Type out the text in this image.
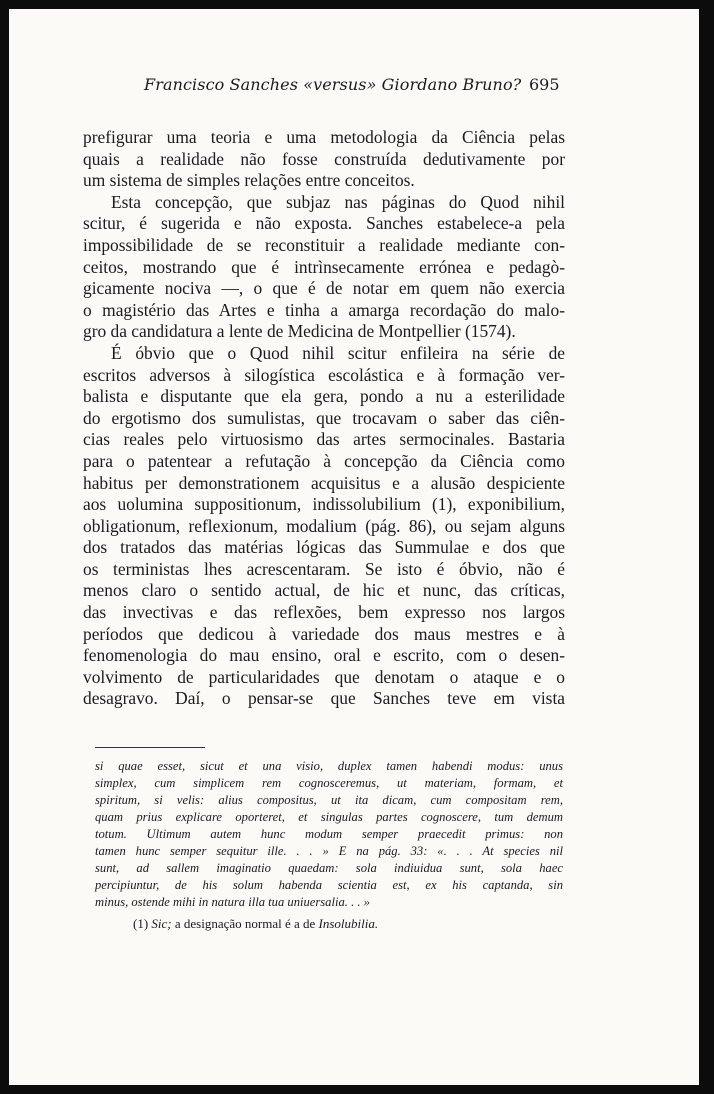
Francisco Sanches «versus» Giordano Bruno? 695
prefigurar uma teoria e uma metodologia da Ciência pelas
quais a realidade não fosse construída dedutivamente por
um sistema de simples relações entre conceitos.
Esta concepção, que subjaz nas páginas do Quod nihil
scitur, é sugerida e não exposta. Sanches estabelece-a pela
impossibilidade de se reconstituir a realidade mediante con-
ceitos, mostrando que é intrìnsecamente errónea e pedagò-
gicamente nociva —, o que é de notar em quem não exercia
o magistério das Artes e tinha a amarga recordação do malo-
gro da candidatura a lente de Medicina de Montpellier (1574).
É óbvio que o Quod nihil scitur enfileira na série de
escritos adversos à silogística escolástica e à formação ver-
balista e disputante que ela gera, pondo a nu a esterilidade
do ergotismo dos sumulistas, que trocavam o saber das ciên-
cias reales pelo virtuosismo das artes sermocinales. Bastaria
para o patentear a refutação à concepção da Ciência como
habitus per demonstrationem acquisitus e a alusão despiciente
aos uolumina suppositionum, indissolubilium (1), exponibilium,
obligationum, reflexionum, modalium (pág. 86), ou sejam alguns
dos tratados das matérias lógicas das Summulae e dos que
os terministas lhes acrescentaram. Se isto é óbvio, não é
menos claro o sentido actual, de hic et nunc, das críticas,
das invectivas e das reflexões, bem expresso nos largos
períodos que dedicou à variedade dos maus mestres e à
fenomenologia do mau ensino, oral e escrito, com o desen-
volvimento de particularidades que denotam o ataque e o
desagravo. Daí, o pensar-se que Sanches teve em vista
si quae esset, sicut et una visio, duplex tamen habendi modus: unus
simplex, cum simplicem rem cognosceremus, ut materiam, formam, et
spiritum, si velis: alius compositus, ut ita dicam, cum compositam rem,
quam prius explicare oporteret, et singulas partes cognoscere, tum demum
totum. Ultimum autem hunc modum semper praecedit primus: non
tamen hunc semper sequitur ille. . . » E na pág. 33: «. . . At species nil
sunt, ad sallem imaginatio quaedam: sola indiuidua sunt, sola haec
percipiuntur, de his solum habenda scientia est, ex his captanda, sin
minus, ostende mihi in natura illa tua uniuersalia. . . »
(1) Sic; a designação normal é a de Insolubilia.
